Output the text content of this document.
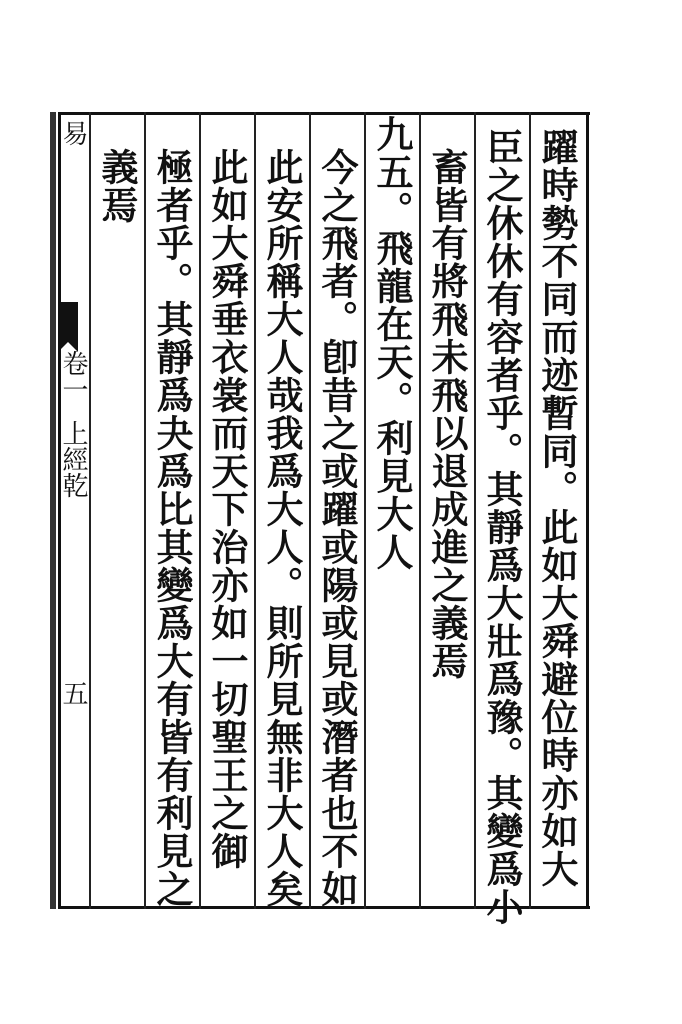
躍時勢不同而迹暫同。此如大舜避位時亦如大
臣之休休有容者乎。其靜爲大壯爲豫。其變爲小
畜皆有將飛未飛以退成進之義焉
九五。飛龍在天。利見大人
今之飛者。卽昔之或躍或陽或見或潛者也不如
此安所稱大人哉我爲大人。則所見無非大人矣
此如大舜垂衣裳而天下治亦如一切聖王之御
極者乎。其靜爲夬爲比其變爲大有皆有利見之
義焉
易
卷一
上經乾
五
